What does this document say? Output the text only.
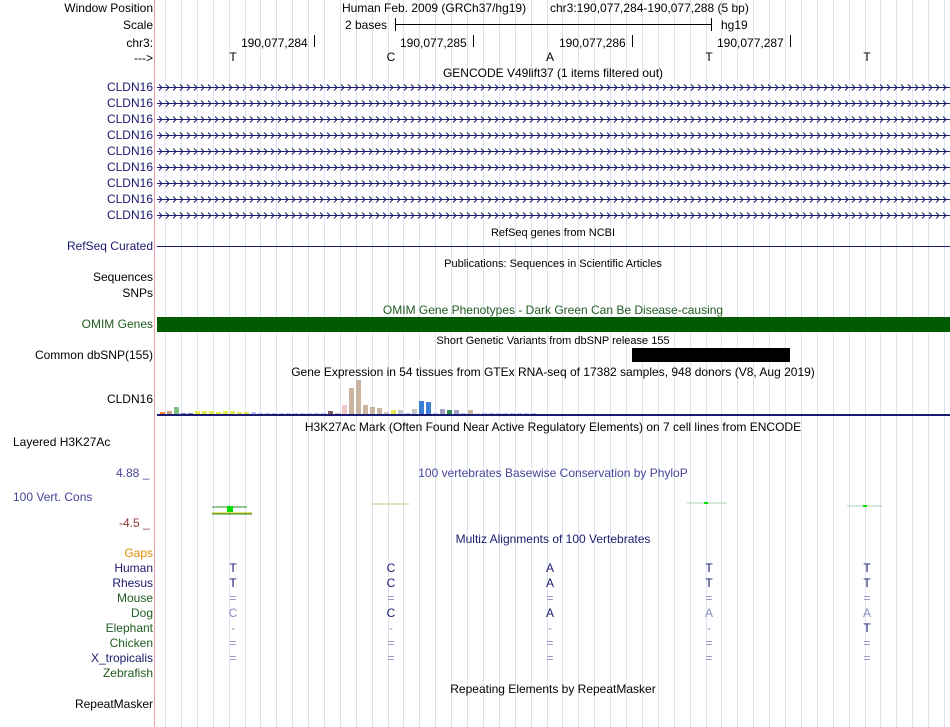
Window Position
Scale
chr3:
--->
Human Feb. 2009 (GRCh37/hg19) chr3:190,077,284-190,077,288 (5 bp)
2 bases	hg19
190,077,284	190,077,285	190,077,286	190,077,287
T	C	A	T	T
GENCODE V49lift37 (1 items filtered out)
CLDN16
CLDN16
CLDN16
CLDN16
CLDN16
CLDN16
CLDN16
CLDN16
CLDN16
RefSeq genes from NCBI
RefSeq Curated
Publications: Sequences in Scientific Articles
Sequences
SNPs
OMIM Gene Phenotypes - Dark Green Can Be Disease-causing
OMIM Genes
Short Genetic Variants from dbSNP release 155
Common dbSNP(155)
Gene Expression in 54 tissues from GTEx RNA-seq of 17382 samples, 948 donors (V8, Aug 2019)
CLDN16
H3K27Ac Mark (Often Found Near Active Regulatory Elements) on 7 cell lines from ENCODE
Layered H3K27Ac
100 vertebrates Basewise Conservation by PhyloP
4.88 _
100 Vert. Cons
-4.5 _
Multiz Alignments of 100 Vertebrates
Gaps
Human	T	C	A	T	T
Rhesus	T	C	A	T	T
Mouse	=	=	=	=	=
Dog	C	C	A	A	A
Elephant	-	-	-	-	T
Chicken	=	=	=	=	=
X_tropicalis	=	=	=	=	=
Zebrafish
Repeating Elements by RepeatMasker
RepeatMasker
